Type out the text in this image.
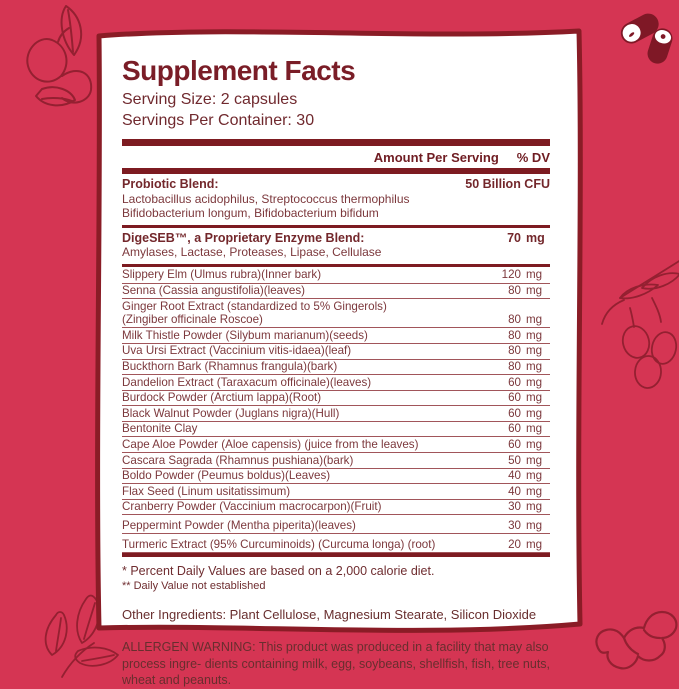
Supplement Facts
Serving Size: 2 capsules
Servings Per Container: 30
Amount Per Serving % DV
Probiotic Blend:	50 Billion CFU
Lactobacillus acidophilus, Streptococcus thermophilus
Bifidobacterium longum, Bifidobacterium bifidum
DigeSEB™, a Proprietary Enzyme Blend:	70 mg
Amylases, Lactase, Proteases, Lipase, Cellulase
Slippery Elm (Ulmus rubra)(Inner bark)	120 mg
Senna (Cassia angustifolia)(leaves)	80 mg
Ginger Root Extract (standardized to 5% Gingerols)
(Zingiber officinale Roscoe)	80 mg
Milk Thistle Powder (Silybum marianum)(seeds)	80 mg
Uva Ursi Extract (Vaccinium vitis-idaea)(leaf)	80 mg
Buckthorn Bark (Rhamnus frangula)(bark)	80 mg
Dandelion Extract (Taraxacum officinale)(leaves)	60 mg
Burdock Powder (Arctium lappa)(Root)	60 mg
Black Walnut Powder (Juglans nigra)(Hull)	60 mg
Bentonite Clay	60 mg
Cape Aloe Powder (Aloe capensis) (juice from the leaves)	60 mg
Cascara Sagrada (Rhamnus pushiana)(bark)	50 mg
Boldo Powder (Peumus boldus)(Leaves)	40 mg
Flax Seed (Linum usitatissimum)	40 mg
Cranberry Powder (Vaccinium macrocarpon)(Fruit)	30 mg
Peppermint Powder (Mentha piperita)(leaves)	30 mg
Turmeric Extract (95% Curcuminoids) (Curcuma longa) (root)	20 mg
* Percent Daily Values are based on a 2,000 calorie diet.
** Daily Value not established
Other Ingredients: Plant Cellulose, Magnesium Stearate, Silicon Dioxide
ALLERGEN WARNING: This product was produced in a facility that may also process ingre- dients containing milk, egg, soybeans, shellfish, fish, tree nuts, wheat and peanuts.
